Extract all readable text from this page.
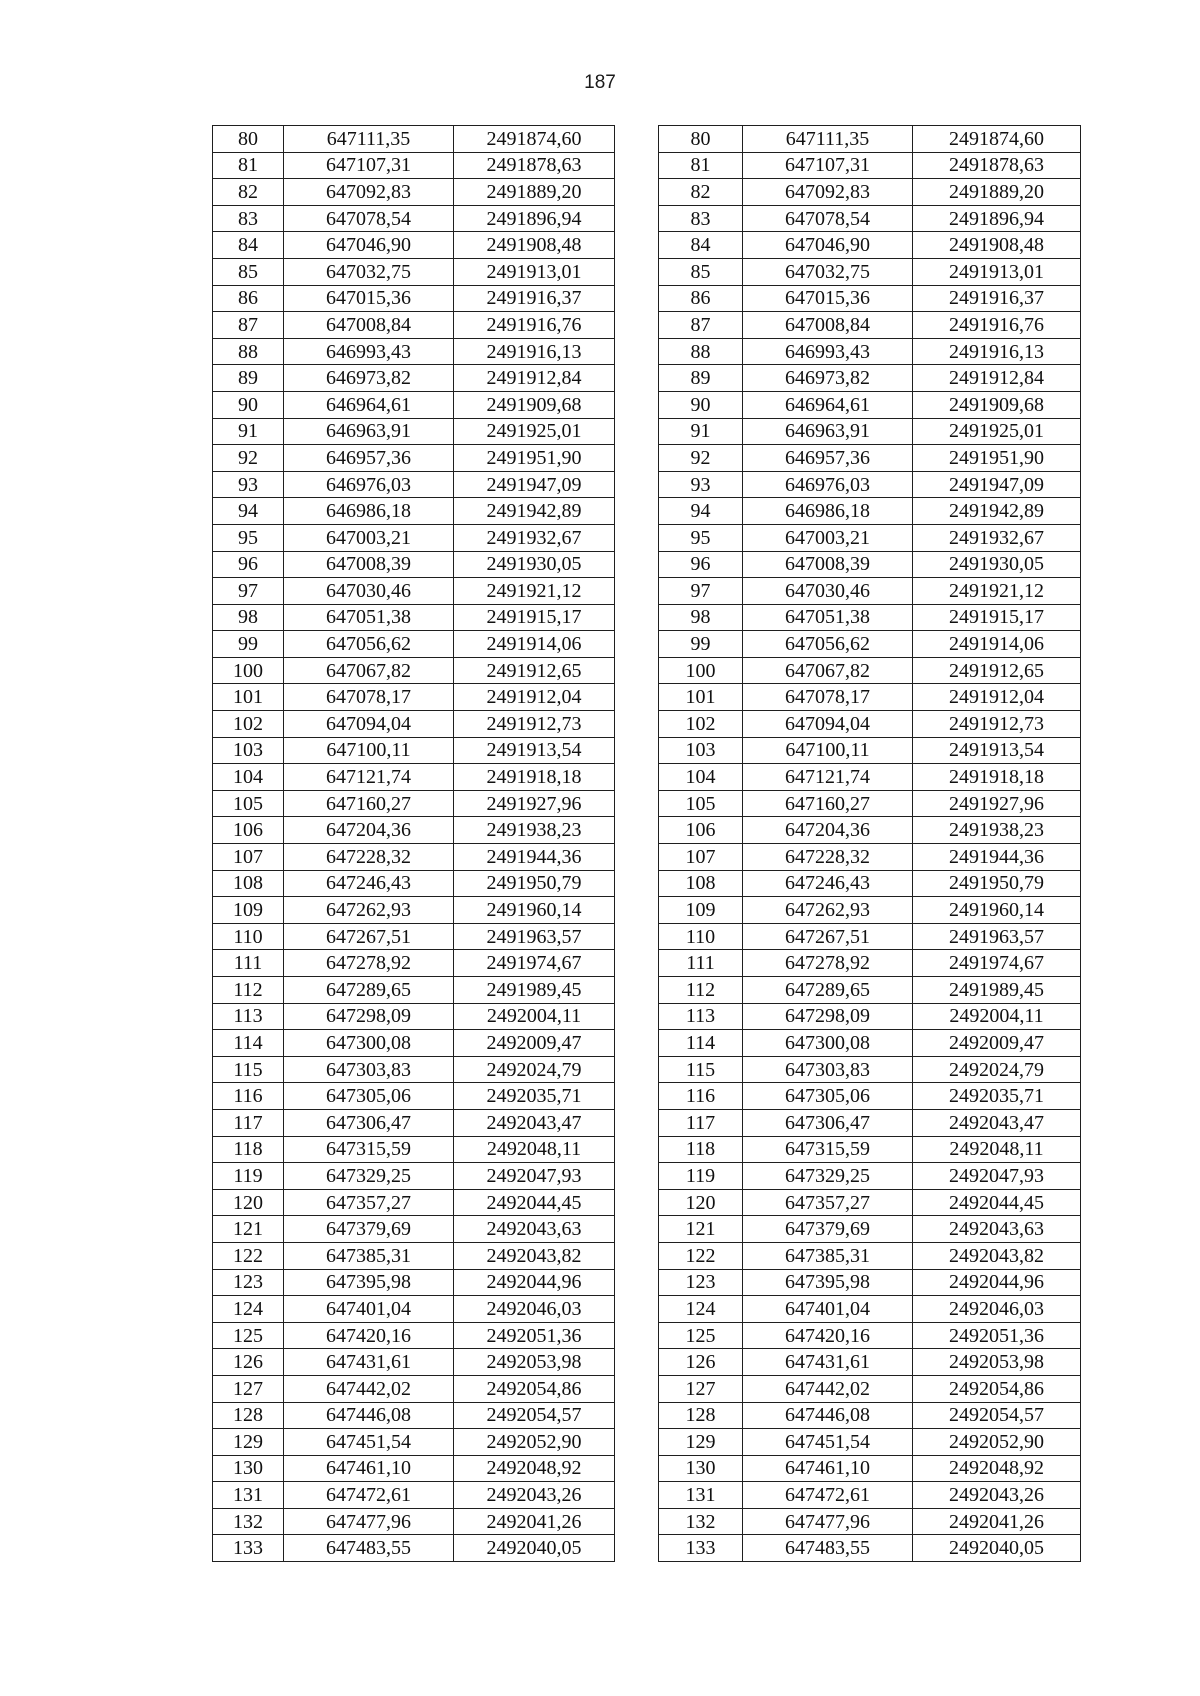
187
80	647111,35	2491874,60		80	647111,35	2491874,60
81	647107,31	2491878,63		81	647107,31	2491878,63
82	647092,83	2491889,20		82	647092,83	2491889,20
83	647078,54	2491896,94		83	647078,54	2491896,94
84	647046,90	2491908,48		84	647046,90	2491908,48
85	647032,75	2491913,01		85	647032,75	2491913,01
86	647015,36	2491916,37		86	647015,36	2491916,37
87	647008,84	2491916,76		87	647008,84	2491916,76
88	646993,43	2491916,13		88	646993,43	2491916,13
89	646973,82	2491912,84		89	646973,82	2491912,84
90	646964,61	2491909,68		90	646964,61	2491909,68
91	646963,91	2491925,01		91	646963,91	2491925,01
92	646957,36	2491951,90		92	646957,36	2491951,90
93	646976,03	2491947,09		93	646976,03	2491947,09
94	646986,18	2491942,89		94	646986,18	2491942,89
95	647003,21	2491932,67		95	647003,21	2491932,67
96	647008,39	2491930,05		96	647008,39	2491930,05
97	647030,46	2491921,12		97	647030,46	2491921,12
98	647051,38	2491915,17		98	647051,38	2491915,17
99	647056,62	2491914,06		99	647056,62	2491914,06
100	647067,82	2491912,65		100	647067,82	2491912,65
101	647078,17	2491912,04		101	647078,17	2491912,04
102	647094,04	2491912,73		102	647094,04	2491912,73
103	647100,11	2491913,54		103	647100,11	2491913,54
104	647121,74	2491918,18		104	647121,74	2491918,18
105	647160,27	2491927,96		105	647160,27	2491927,96
106	647204,36	2491938,23		106	647204,36	2491938,23
107	647228,32	2491944,36		107	647228,32	2491944,36
108	647246,43	2491950,79		108	647246,43	2491950,79
109	647262,93	2491960,14		109	647262,93	2491960,14
110	647267,51	2491963,57		110	647267,51	2491963,57
111	647278,92	2491974,67		111	647278,92	2491974,67
112	647289,65	2491989,45		112	647289,65	2491989,45
113	647298,09	2492004,11		113	647298,09	2492004,11
114	647300,08	2492009,47		114	647300,08	2492009,47
115	647303,83	2492024,79		115	647303,83	2492024,79
116	647305,06	2492035,71		116	647305,06	2492035,71
117	647306,47	2492043,47		117	647306,47	2492043,47
118	647315,59	2492048,11		118	647315,59	2492048,11
119	647329,25	2492047,93		119	647329,25	2492047,93
120	647357,27	2492044,45		120	647357,27	2492044,45
121	647379,69	2492043,63		121	647379,69	2492043,63
122	647385,31	2492043,82		122	647385,31	2492043,82
123	647395,98	2492044,96		123	647395,98	2492044,96
124	647401,04	2492046,03		124	647401,04	2492046,03
125	647420,16	2492051,36		125	647420,16	2492051,36
126	647431,61	2492053,98		126	647431,61	2492053,98
127	647442,02	2492054,86		127	647442,02	2492054,86
128	647446,08	2492054,57		128	647446,08	2492054,57
129	647451,54	2492052,90		129	647451,54	2492052,90
130	647461,10	2492048,92		130	647461,10	2492048,92
131	647472,61	2492043,26		131	647472,61	2492043,26
132	647477,96	2492041,26		132	647477,96	2492041,26
133	647483,55	2492040,05		133	647483,55	2492040,05
